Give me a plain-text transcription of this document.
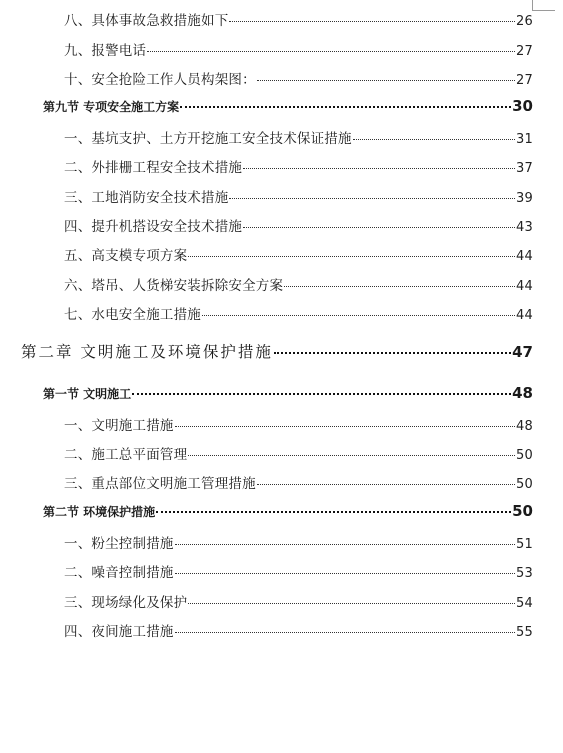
八、具体事故急救措施如下	26
九、报警电话	27
十、安全抢险工作人员构架图：	27
第九节 专项安全施工方案	30
一、基坑支护、土方开挖施工安全技术保证措施	31
二、外排栅工程安全技术措施	37
三、工地消防安全技术措施	39
四、提升机搭设安全技术措施	43
五、高支模专项方案	44
六、塔吊、人货梯安装拆除安全方案	44
七、水电安全施工措施	44
第二章 文明施工及环境保护措施	47
第一节 文明施工	48
一、文明施工措施	48
二、施工总平面管理	50
三、重点部位文明施工管理措施	50
第二节 环境保护措施	50
一、粉尘控制措施	51
二、噪音控制措施	53
三、现场绿化及保护	54
四、夜间施工措施	55
